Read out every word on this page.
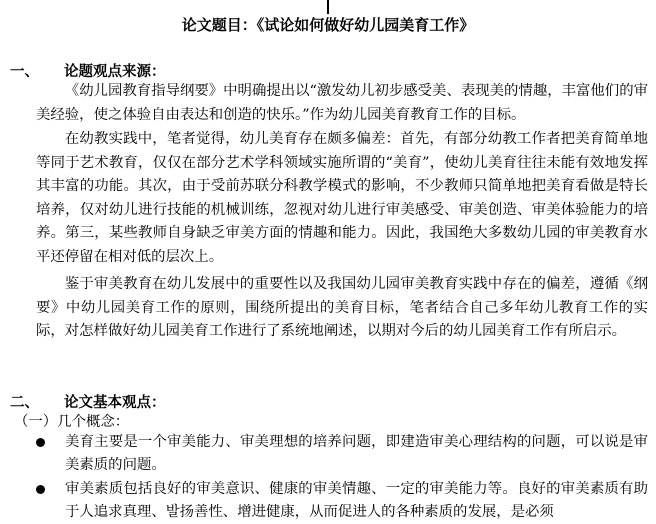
论文题目：《试论如何做好幼儿园美育工作》
一、 论题观点来源：

《幼儿园教育指导纲要》中明确提出以“激发幼儿初步感受美、表现美的情趣，丰富他们的审美经验，使之体验自由表达和创造的快乐。”作为幼儿园美育教育工作的目标。

在幼教实践中，笔者觉得，幼儿美育存在颇多偏差：首先，有部分幼教工作者把美育简单地等同于艺术教育，仅仅在部分艺术学科领域实施所谓的“美育”，使幼儿美育往往未能有效地发挥其丰富的功能。其次，由于受前苏联分科教学模式的影响，不少教师只简单地把美育看做是特长培养，仅对幼儿进行技能的机械训练，忽视对幼儿进行审美感受、审美创造、审美体验能力的培养。第三，某些教师自身缺乏审美方面的情趣和能力。因此，我国绝大多数幼儿园的审美教育水平还停留在相对低的层次上。

鉴于审美教育在幼儿发展中的重要性以及我国幼儿园审美教育实践中存在的偏差，遵循《纲要》中幼儿园美育工作的原则，围绕所提出的美育目标，笔者结合自己多年幼儿教育工作的实际，对怎样做好幼儿园美育工作进行了系统地阐述，以期对今后的幼儿园美育工作有所启示。

二、 论文基本观点：
（一）几个概念：

美育主要是一个审美能力、审美理想的培养问题，即建造审美心理结构的问题，可以说是审美素质的问题。

审美素质包括良好的审美意识、健康的审美情趣、一定的审美能力等。良好的审美素质有助于人追求真理、발扬善性、增进健康，从而促进人的各种素质的发展，是必须
